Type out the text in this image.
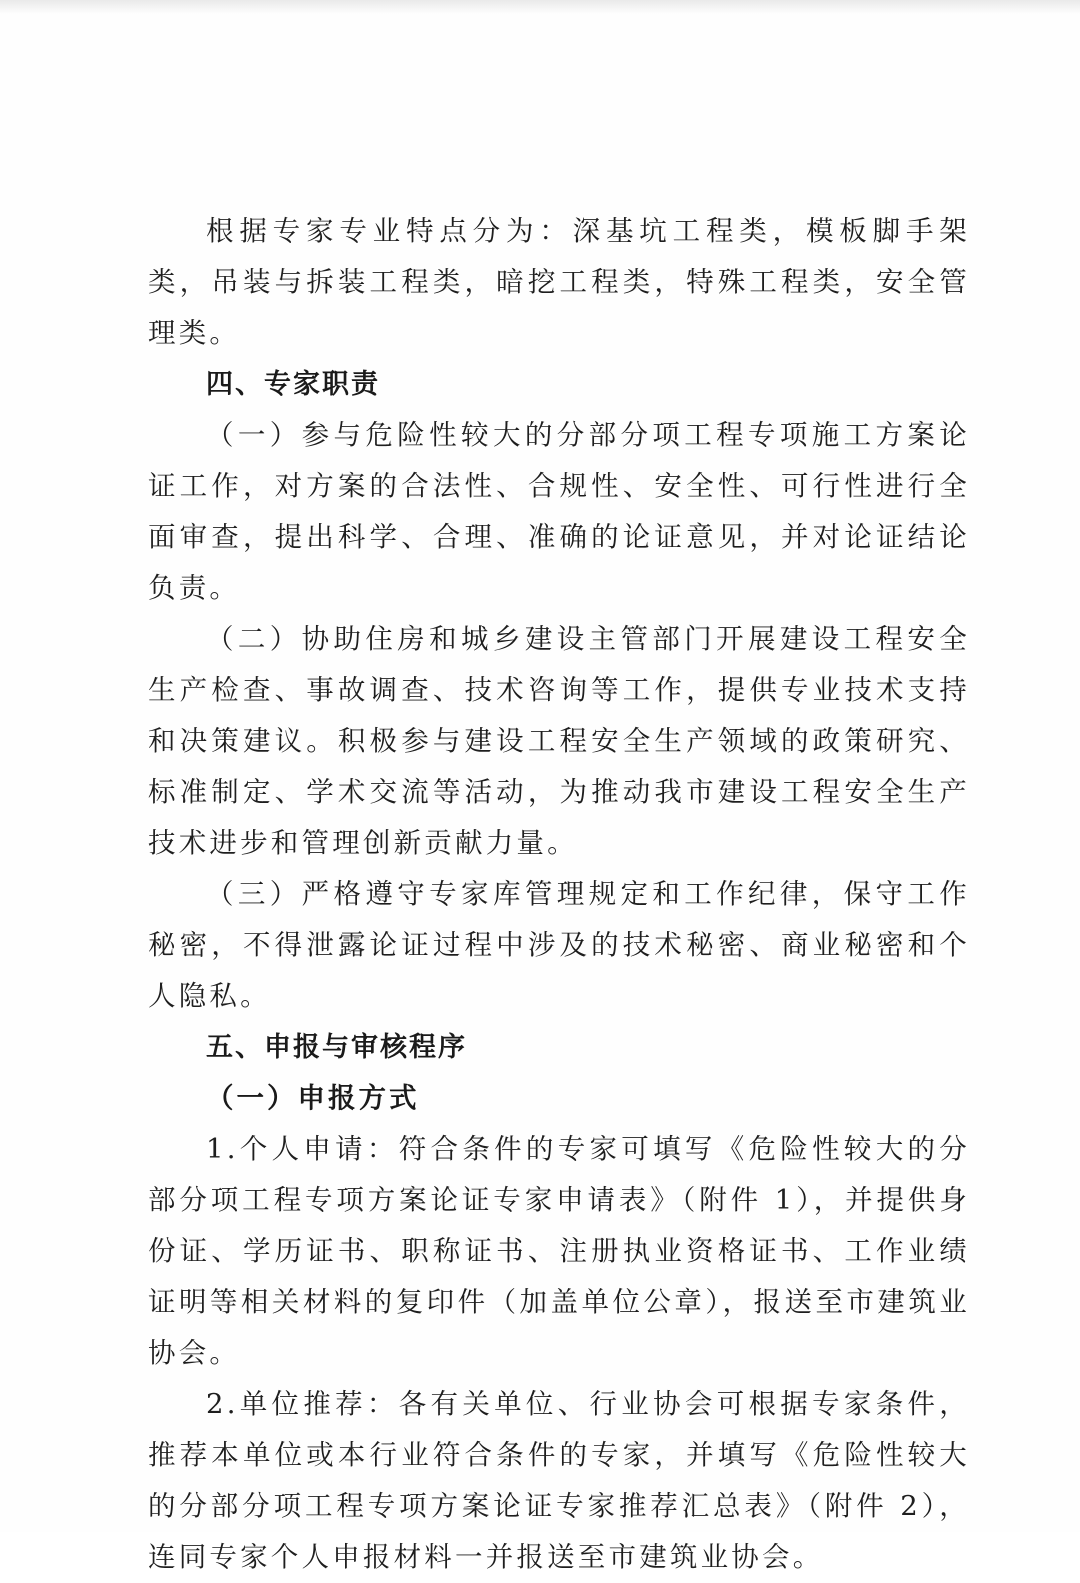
根据专家专业特点分为：深基坑工程类，模板脚手架类，吊装与拆装工程类，暗挖工程类，特殊工程类，安全管理类。

四、专家职责

（一）参与危险性较大的分部分项工程专项施工方案论证工作，对方案的合法性、合规性、安全性、可行性进行全面审查，提出科学、合理、准确的论证意见，并对论证结论负责。

（二）协助住房和城乡建设主管部门开展建设工程安全生产检查、事故调查、技术咨询等工作，提供专业技术支持和决策建议。积极参与建设工程安全生产领域的政策研究、标准制定、学术交流等活动，为推动我市建设工程安全生产技术进步和管理创新贡献力量。

（三）严格遵守专家库管理规定和工作纪律，保守工作秘密，不得泄露论证过程中涉及的技术秘密、商业秘密和个人隐私。

五、申报与审核程序

（一）申报方式

1.个人申请：符合条件的专家可填写《危险性较大的分部分项工程专项方案论证专家申请表》（附件 1），并提供身份证、学历证书、职称证书、注册执业资格证书、工作业绩证明等相关材料的复印件（加盖单位公章），报送至市建筑业协会。

2.单位推荐：各有关单位、行业协会可根据专家条件，推荐本单位或本行业符合条件的专家，并填写《危险性较大的分部分项工程专项方案论证专家推荐汇总表》（附件 2），连同专家个人申报材料一并报送至市建筑业协会。
